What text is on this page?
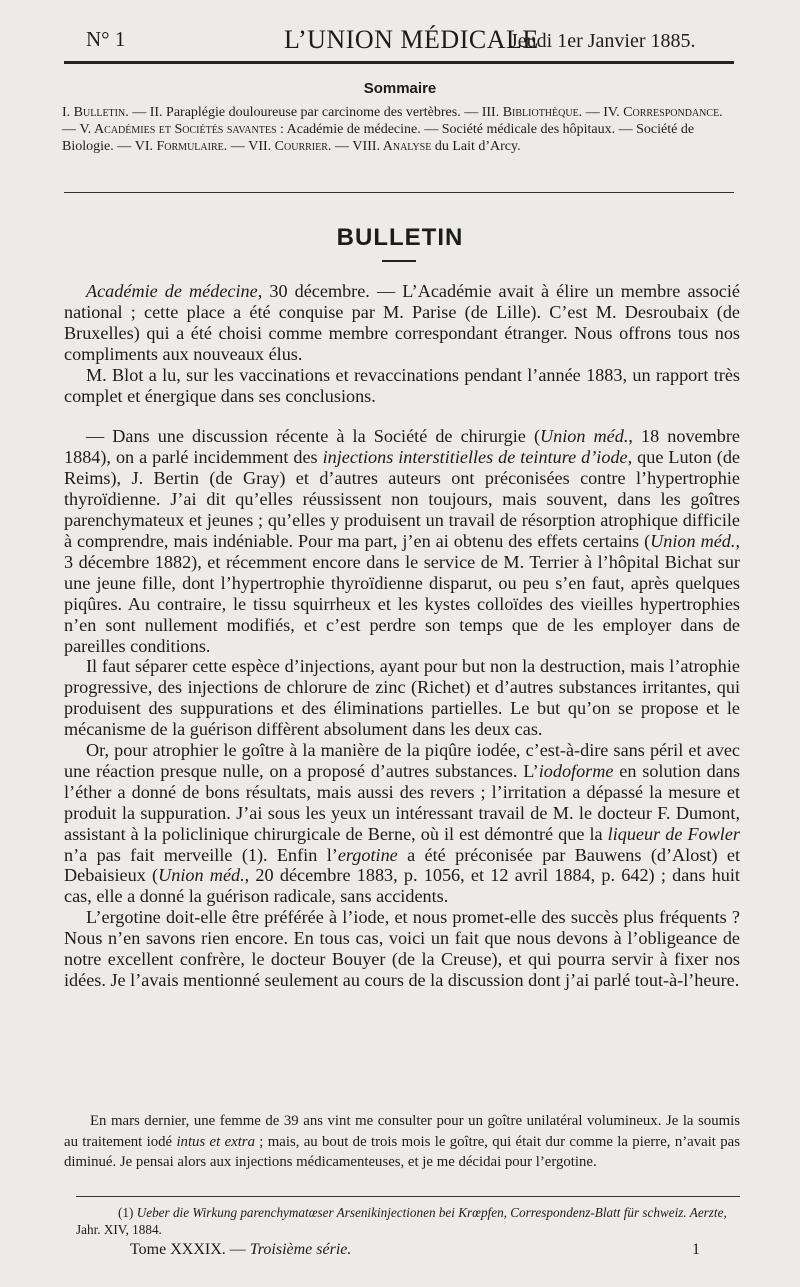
N° 1	L’UNION MÉDICALE
Jeudi 1er Janvier 1885.
Sommaire
I. Bulletin. — II. Paraplégie douloureuse par carcinome des vertèbres. — III. Bibliothèque. — IV. Correspondance. — V. Académies et Sociétés savantes : Académie de médecine. — Société médicale des hôpitaux. — Société de Biologie. — VI. Formulaire. — VII. Courrier. — VIII. Analyse du Lait d’Arcy.
BULLETIN

Académie de médecine, 30 décembre. — L’Académie avait à élire un membre associé national ; cette place a été conquise par M. Parise (de Lille). C’est M. Desroubaix (de Bruxelles) qui a été choisi comme membre correspondant étranger. Nous offrons tous nos compliments aux nouveaux élus.

M. Blot a lu, sur les vaccinations et revaccinations pendant l’année 1883, un rapport très complet et énergique dans ses conclusions.

— Dans une discussion récente à la Société de chirurgie (Union méd., 18 novembre 1884), on a parlé incidemment des injections interstitielles de teinture d’iode, que Luton (de Reims), J. Bertin (de Gray) et d’autres auteurs ont préconisées contre l’hypertrophie thyroïdienne. J’ai dit qu’elles réussissent non toujours, mais souvent, dans les goîtres parenchymateux et jeunes ; qu’elles y produisent un travail de résorption atrophique difficile à comprendre, mais indéniable. Pour ma part, j’en ai obtenu des effets certains (Union méd., 3 décembre 1882), et récemment encore dans le service de M. Terrier à l’hôpital Bichat sur une jeune fille, dont l’hypertrophie thyroïdienne disparut, ou peu s’en faut, après quelques piqûres. Au contraire, le tissu squirrheux et les kystes colloïdes des vieilles hypertrophies n’en sont nullement modifiés, et c’est perdre son temps que de les employer dans de pareilles conditions.

Il faut séparer cette espèce d’injections, ayant pour but non la destruction, mais l’atrophie progressive, des injections de chlorure de zinc (Richet) et d’autres substances irritantes, qui produisent des suppurations et des éliminations partielles. Le but qu’on se propose et le mécanisme de la guérison diffèrent absolument dans les deux cas.

Or, pour atrophier le goître à la manière de la piqûre iodée, c’est-à-dire sans péril et avec une réaction presque nulle, on a proposé d’autres substances. L’iodoforme en solution dans l’éther a donné de bons résultats, mais aussi des revers ; l’irritation a dépassé la mesure et produit la suppuration. J’ai sous les yeux un intéressant travail de M. le docteur F. Dumont, assistant à la policlinique chirurgicale de Berne, où il est démontré que la liqueur de Fowler n’a pas fait merveille (1). Enfin l’ergotine a été préconisée par Bauwens (d’Alost) et Debaisieux (Union méd., 20 décembre 1883, p. 1056, et 12 avril 1884, p. 642) ; dans huit cas, elle a donné la guérison radicale, sans accidents.

L’ergotine doit-elle être préférée à l’iode, et nous promet-elle des succès plus fréquents ? Nous n’en savons rien encore. En tous cas, voici un fait que nous devons à l’obligeance de notre excellent confrère, le docteur Bouyer (de la Creuse), et qui pourra servir à fixer nos idées. Je l’avais mentionné seulement au cours de la discussion dont j’ai parlé tout-à-l’heure.

En mars dernier, une femme de 39 ans vint me consulter pour un goître unilatéral volumineux. Je la soumis au traitement iodé intus et extra ; mais, au bout de trois mois le goître, qui était dur comme la pierre, n’avait pas diminué. Je pensai alors aux injections médicamenteuses, et je me décidai pour l’ergotine.

(1) Ueber die Wirkung parenchymatœser Arsenikinjectionen bei Krœpfen, Correspondenz-Blatt für schweiz. Aerzte, Jahr. XIV, 1884.

Tome XXXIX. — Troisième série.	1
